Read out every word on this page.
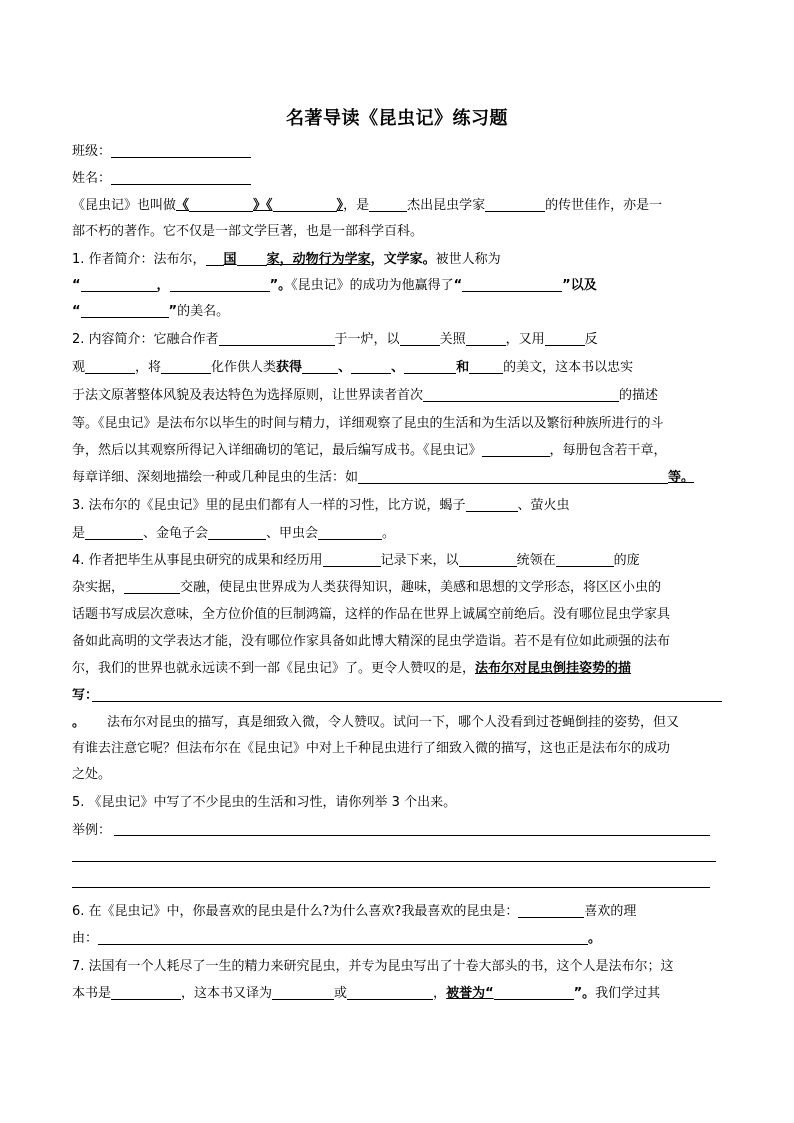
名著导读《昆虫记》练习题
班级：
姓名：
《昆虫记》也叫做《	》《	》，是	杰出昆虫学家	的传世佳作，亦是一
部不朽的著作。它不仅是一部文学巨著，也是一部科学百科。
1. 作者简介：法布尔， 国 家，动物行为学家，文学家。被世人称为
“	，	”。《昆虫记》的成功为他赢得了“	”以及
“	”的美名。
2. 内容简介：它融合作者	于一炉，以	关照	，又用	反
观	，将	化作供人类获得	、	、	和	的美文，这本书以忠实
于法文原著整体风貌及表达特色为选择原则，让世界读者首次	的描述
等。《昆虫记》是法布尔以毕生的时间与精力，详细观察了昆虫的生活和为生活以及繁衍种族所进行的斗
争，然后以其观察所得记入详细确切的笔记，最后编写成书。《昆虫记》	，每册包含若干章，
每章详细、深刻地描绘一种或几种昆虫的生活：如	等。
3. 法布尔的《昆虫记》里的昆虫们都有人一样的习性，比方说，蝎子	、萤火虫
是	、金龟子会	、甲虫会	。
4. 作者把毕生从事昆虫研究的成果和经历用	记录下来，以	统领在	的庞
杂实据，	交融，使昆虫世界成为人类获得知识，趣味，美感和思想的文学形态，将区区小虫的
话题书写成层次意味，全方位价值的巨制鸿篇，这样的作品在世界上诚属空前绝后。没有哪位昆虫学家具
备如此高明的文学表达才能，没有哪位作家具备如此博大精深的昆虫学造诣。若不是有位如此顽强的法布
尔，我们的世界也就永远读不到一部《昆虫记》了。更令人赞叹的是，法布尔对昆虫倒挂姿势的描
写：
。 法布尔对昆虫的描写，真是细致入微，令人赞叹。试问一下，哪个人没看到过苍蝇倒挂的姿势，但又
有谁去注意它呢？但法布尔在《昆虫记》中对上千种昆虫进行了细致入微的描写，这也正是法布尔的成功
之处。
5. 《昆虫记》中写了不少昆虫的生活和习性，请你列举 3 个出来。
举例：
6. 在《昆虫记》中，你最喜欢的昆虫是什么?为什么喜欢?我最喜欢的昆虫是：	喜欢的理
由：	。
7. 法国有一个人耗尽了一生的精力来研究昆虫，并专为昆虫写出了十卷大部头的书，这个人是法布尔；这
本书是	，这本书又译为	或	，被誉为“	”。我们学过其
